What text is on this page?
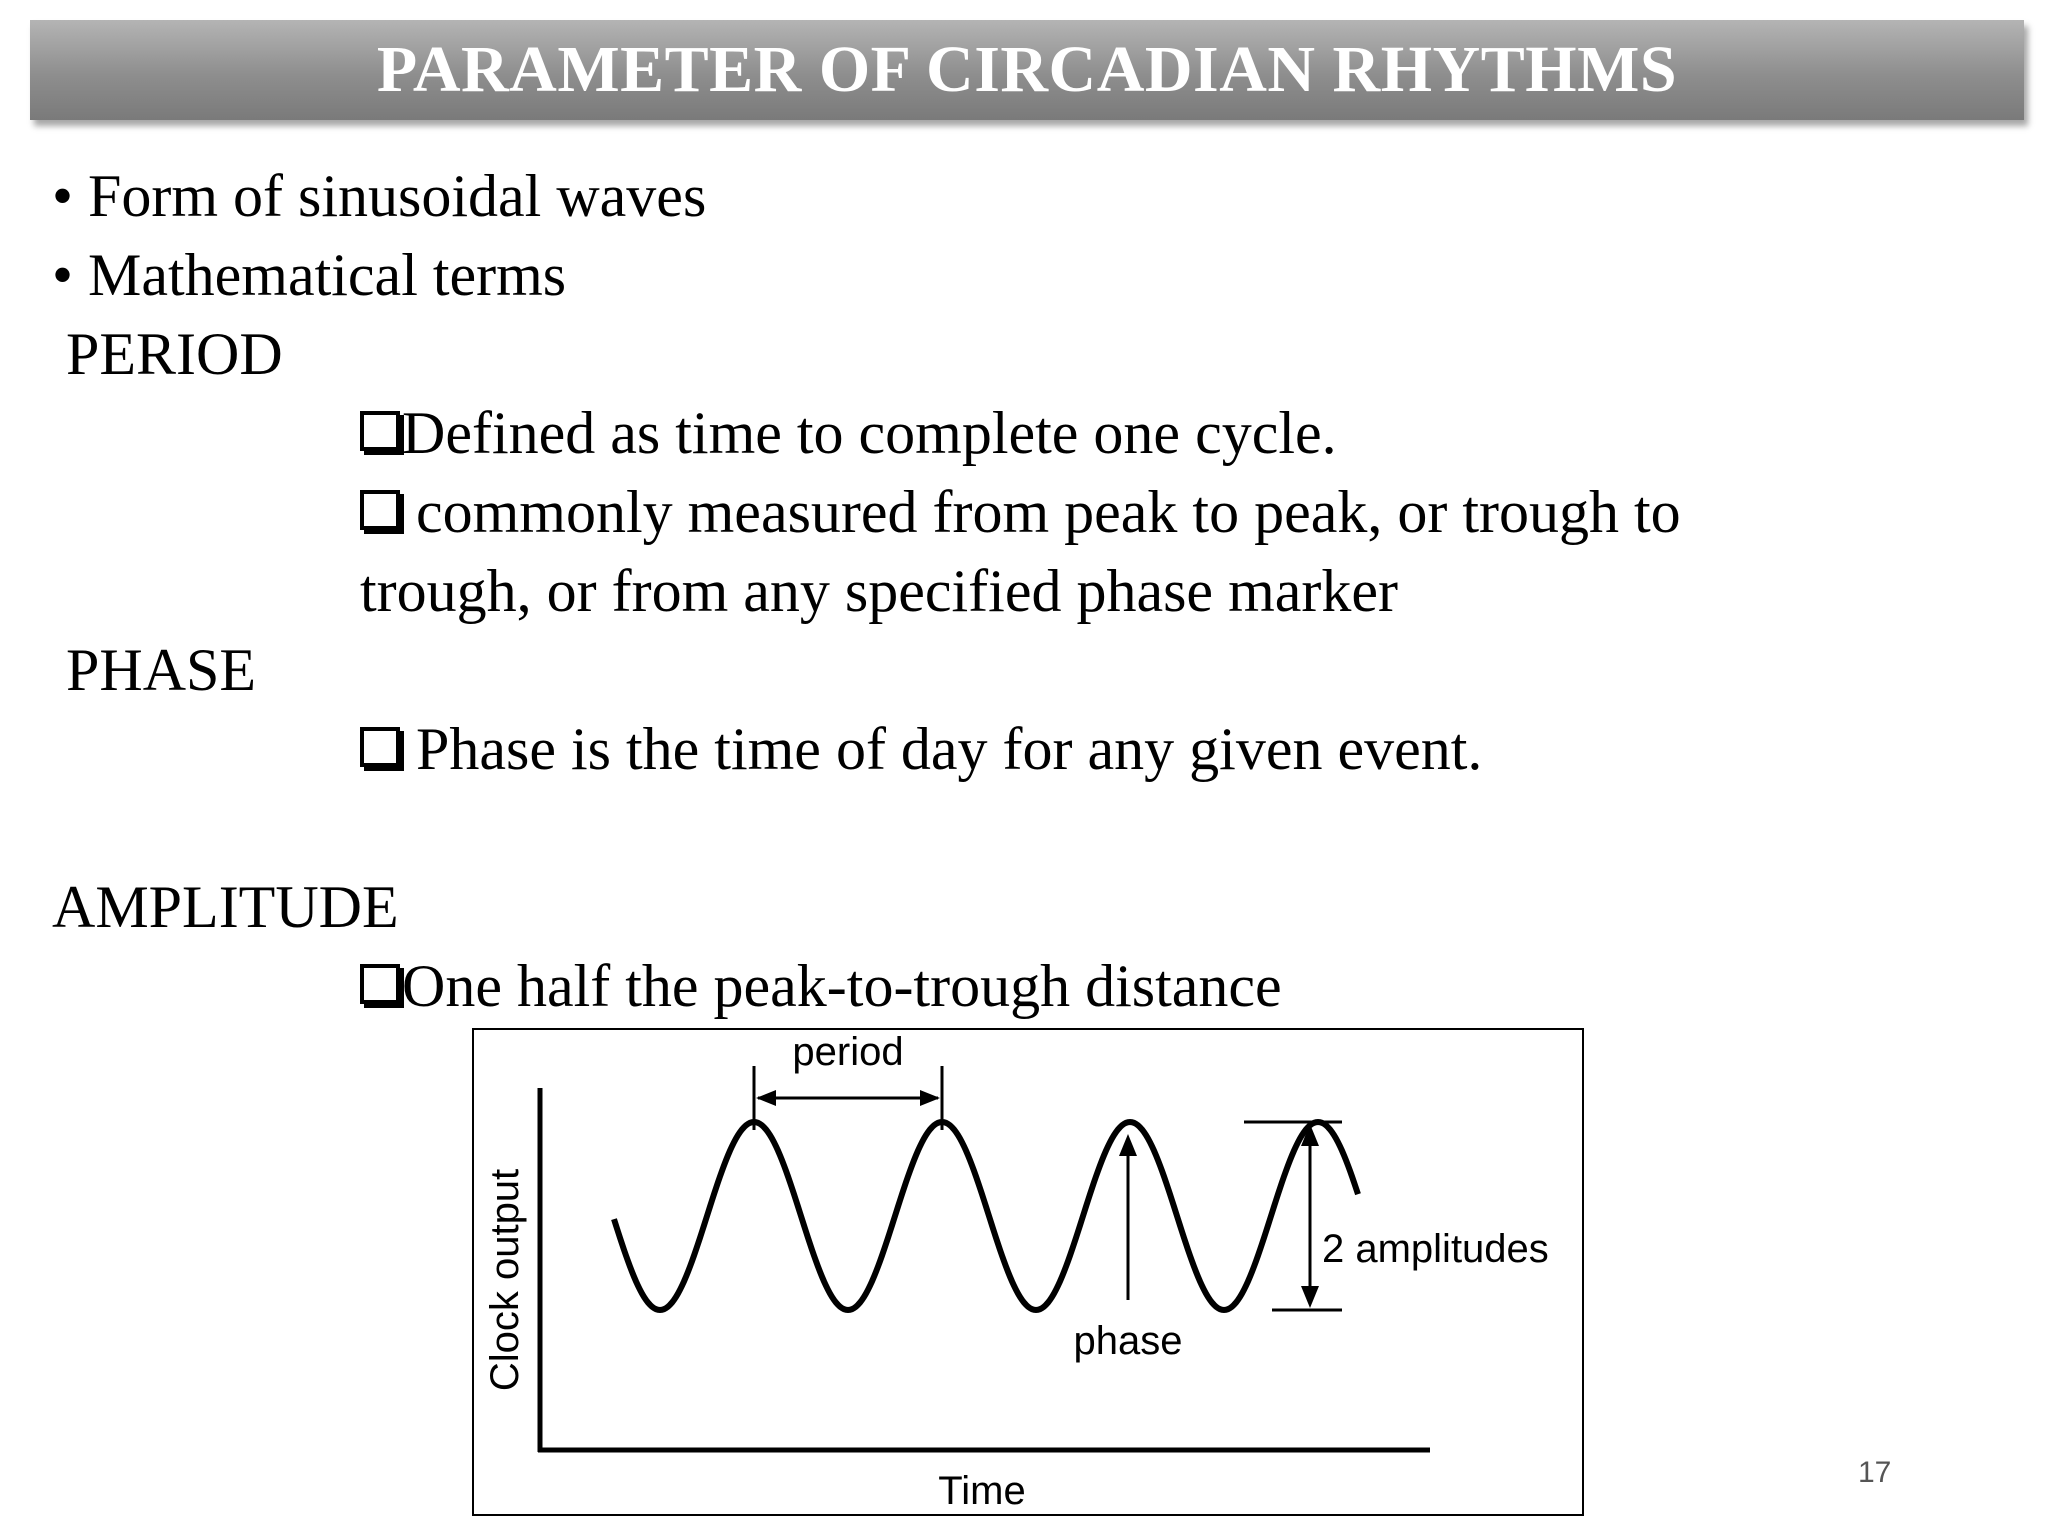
PARAMETER OF CIRCADIAN RHYTHMS
• Form of sinusoidal waves
• Mathematical terms
PERIOD
Defined as time to complete one cycle.
commonly measured from peak to peak, or trough to
trough, or from any specified phase marker
PHASE
Phase is the time of day for any given event.
AMPLITUDE
One half the peak-to-trough distance
period
phase
2 amplitudes
Clock output
Time	17
